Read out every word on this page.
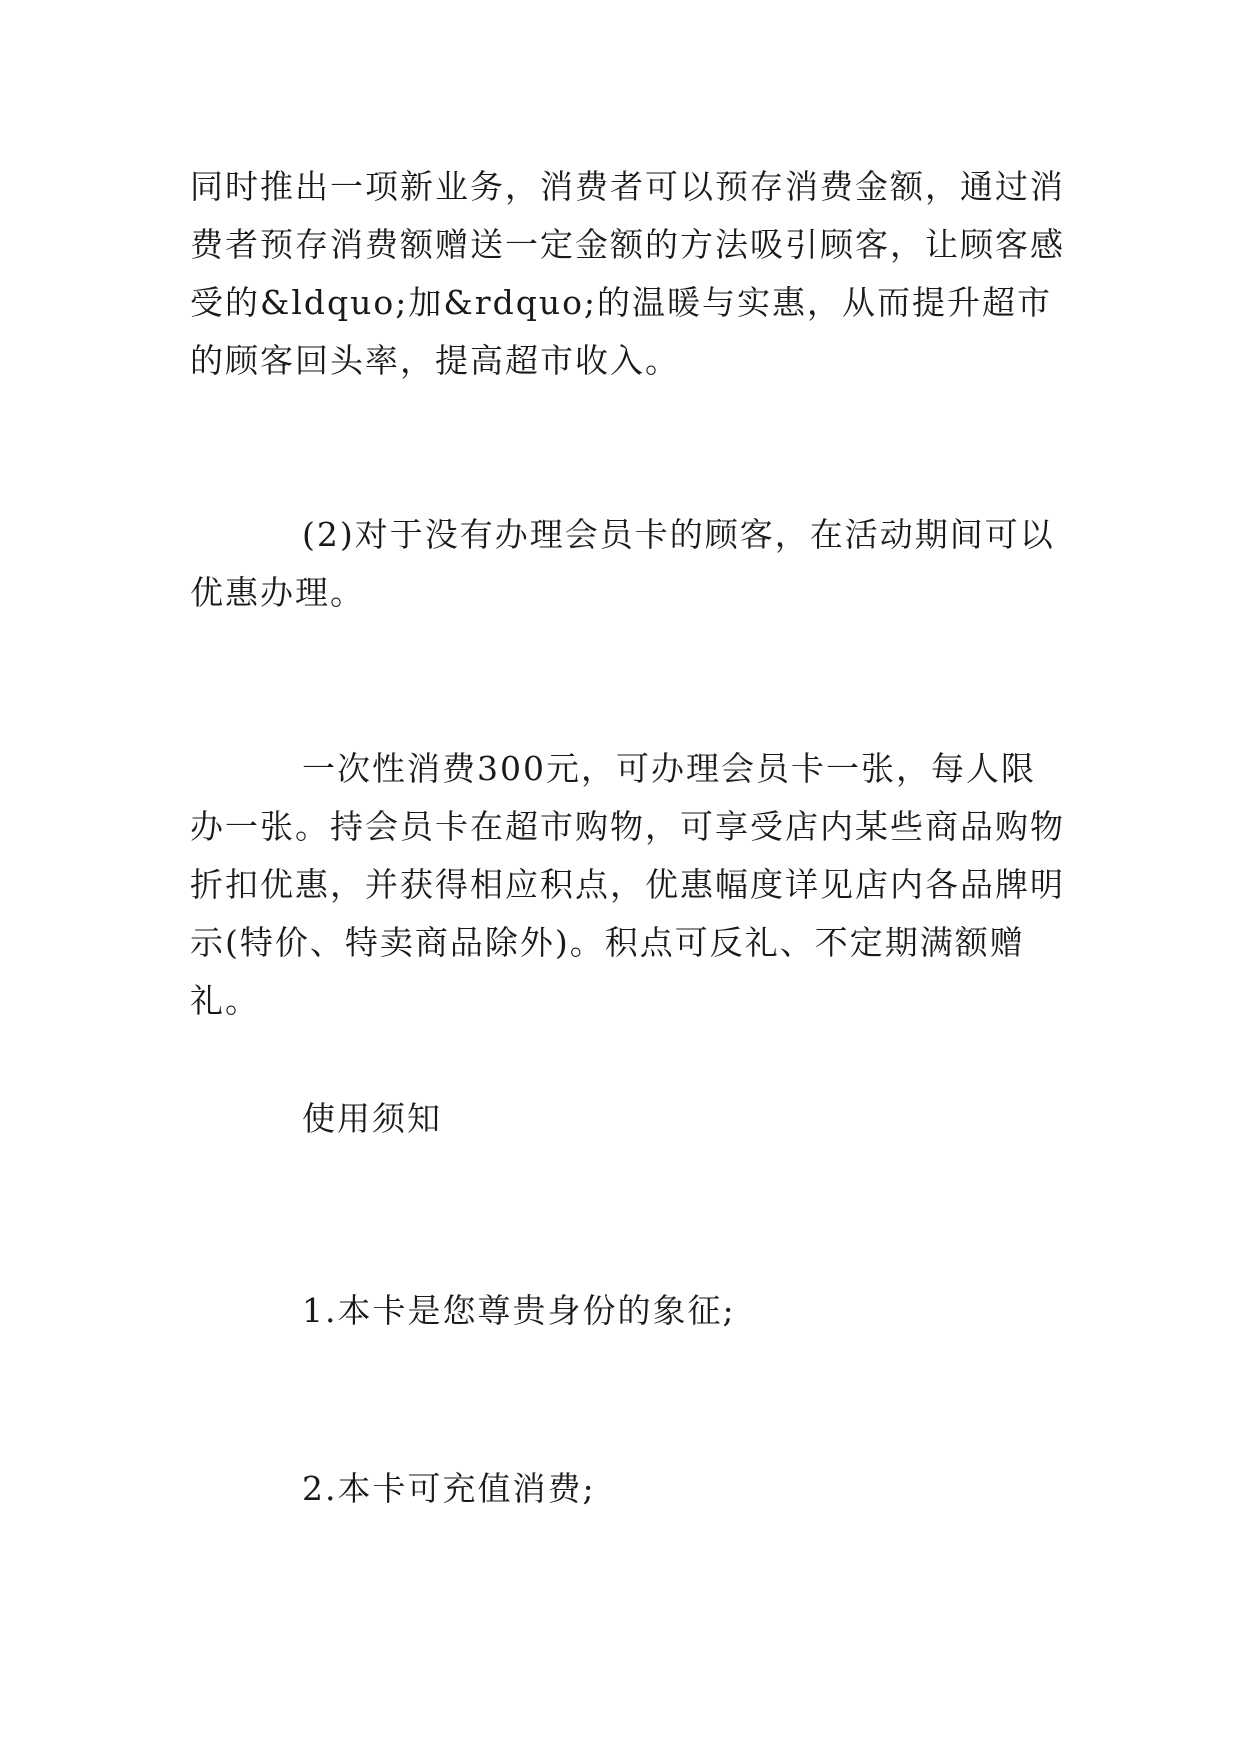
同时推出一项新业务，消费者可以预存消费金额，通过消费者预存消费额赠送一定金额的方法吸引顾客，让顾客感受的&ldquo;加&rdquo;的温暖与实惠，从而提升超市的顾客回头率，提高超市收入。

(2)对于没有办理会员卡的顾客，在活动期间可以优惠办理。

一次性消费300元，可办理会员卡一张，每人限办一张。持会员卡在超市购物，可享受店内某些商品购物折扣优惠，并获得相应积点，优惠幅度详见店内各品牌明示(特价、特卖商品除外)。积点可反礼、不定期满额赠礼。

使用须知

1.本卡是您尊贵身份的象征;

2.本卡可充值消费;
